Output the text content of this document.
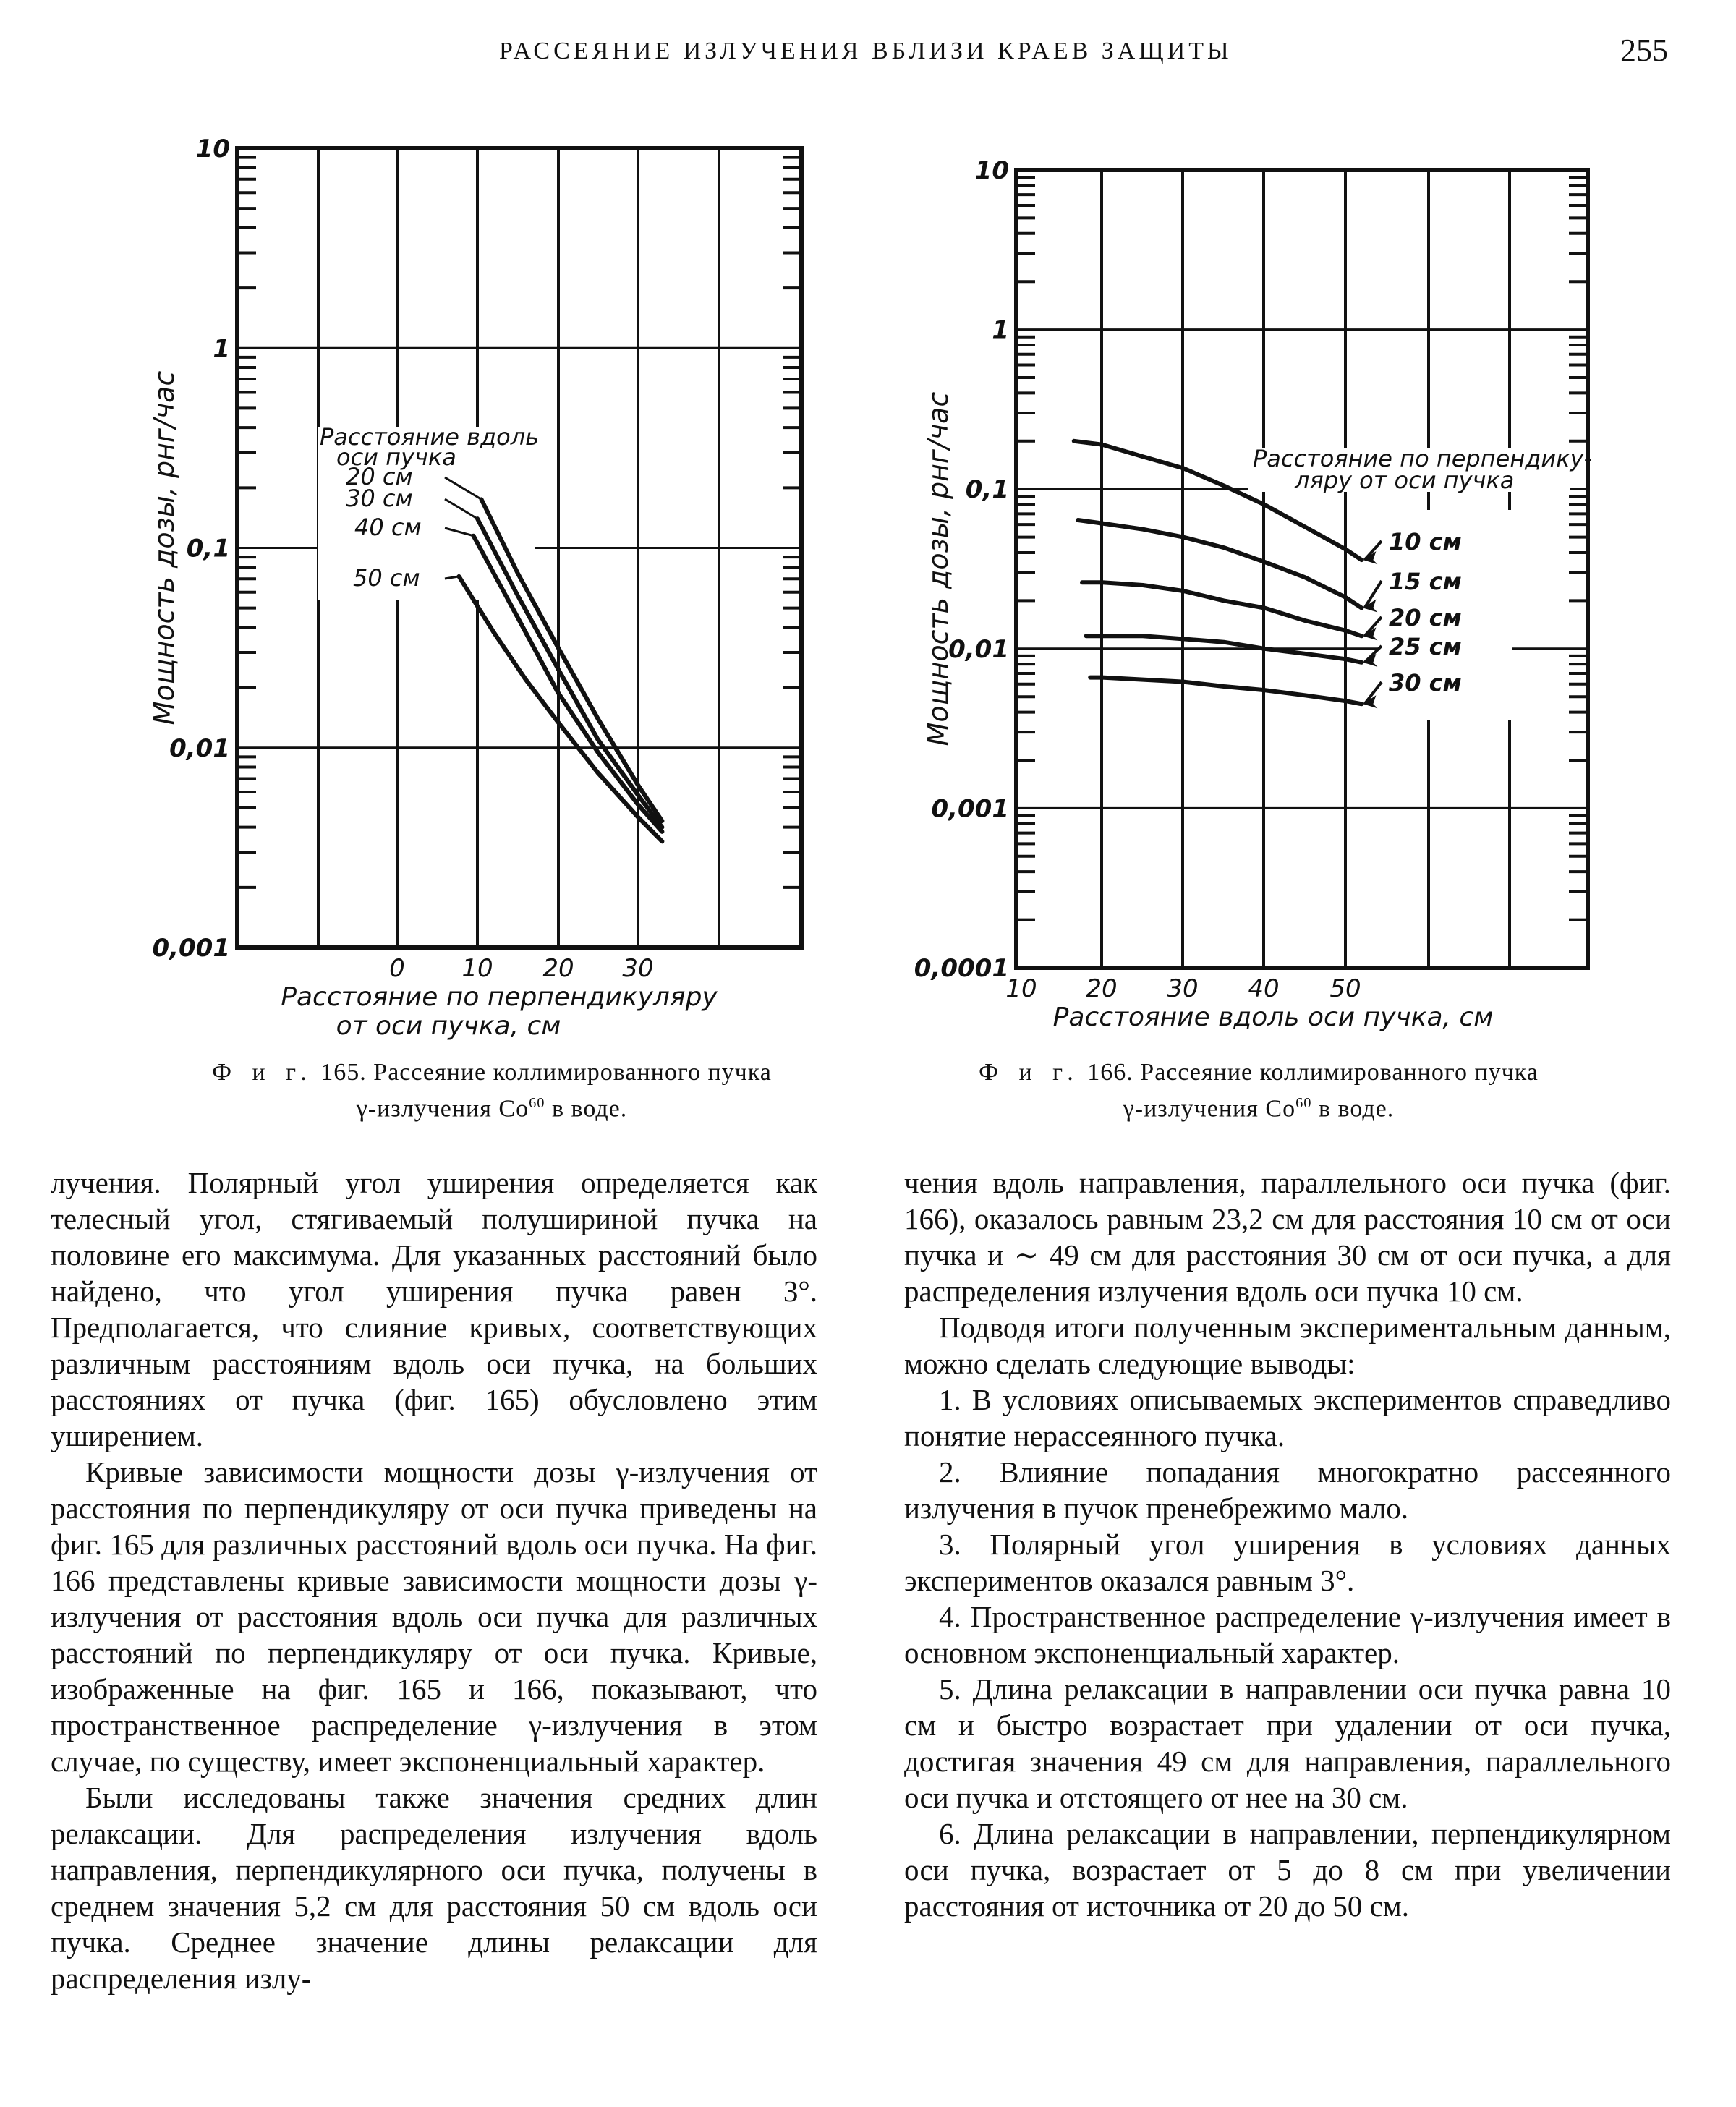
РАССЕЯНИЕ ИЗЛУЧЕНИЯ ВБЛИЗИ КРАЕВ ЗАЩИТЫ	255
10
1
0,1
0,01
0,001
0 10 20 30
Мощность дозы, рнг/час
Расстояние по перпендикуляру
от оси пучка, см
Расстояние вдоль
оси пучка
20 см
30 см
40 см
50 см
10
1
0,1
0,01
0,001
0,0001
10 20 30 40 50
Мощность дозы, рнг/час
Расстояние вдоль оси пучка, см
Расстояние по перпендику-
ляру от оси пучка
10 см
15 см
20 см
25 см
30 см
Ф и г. 165. Рассеяние коллимированного пучка
γ-излучения Co$^{60}$ в воде.
Ф и г. 166. Рассеяние коллимированного пучка
γ-излучения Co$^{60}$ в воде.

лучения. Полярный угол уширения определяется как телесный угол, стягиваемый полушириной пучка на половине его максимума. Для указанных расстояний было найдено, что угол уширения пучка равен 3°. Предполагается, что слияние кривых, соответствующих различным расстояниям вдоль оси пучка, на больших расстояниях от пучка (фиг. 165) обусловлено этим уширением.

Кривые зависимости мощности дозы γ-излучения от расстояния по перпендикуляру от оси пучка приведены на фиг. 165 для различных расстояний вдоль оси пучка. На фиг. 166 представлены кривые зависимости мощности дозы γ-излучения от расстояния вдоль оси пучка для различных расстояний по перпендикуляру от оси пучка. Кривые, изображенные на фиг. 165 и 166, показывают, что пространственное распределение γ-излучения в этом случае, по существу, имеет экспоненциальный характер.

Были исследованы также значения средних длин релаксации. Для распределения излучения вдоль направления, перпендикулярного оси пучка, получены в среднем значения 5,2 см для расстояния 50 см вдоль оси пучка. Среднее значение длины релаксации для распределения излу-

чения вдоль направления, параллельного оси пучка (фиг. 166), оказалось равным 23,2 см для расстояния 10 см от оси пучка и ∼ 49 см для расстояния 30 см от оси пучка, а для распределения излучения вдоль оси пучка 10 см.

Подводя итоги полученным экспериментальным данным, можно сделать следующие выводы:

1. В условиях описываемых экспериментов справедливо понятие нерассеянного пучка.

2. Влияние попадания многократно рассеянного излучения в пучок пренебрежимо мало.

3. Полярный угол уширения в условиях данных экспериментов оказался равным 3°.

4. Пространственное распределение γ-излучения имеет в основном экспоненциальный характер.

5. Длина релаксации в направлении оси пучка равна 10 см и быстро возрастает при удалении от оси пучка, достигая значения 49 см для направления, параллельного оси пучка и отстоящего от нее на 30 см.

6. Длина релаксации в направлении, перпендикулярном оси пучка, возрастает от 5 до 8 см при увеличении расстояния от источника от 20 до 50 см.
